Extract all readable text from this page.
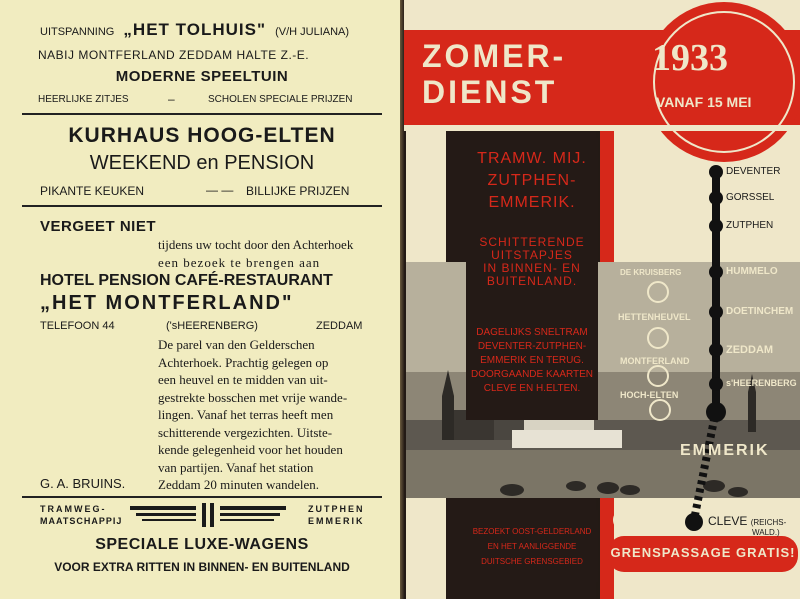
UITSPANNING „HET TOLHUIS" (V/H JULIANA)
NABIJ MONTFERLAND ZEDDAM HALTE Z.-E.
MODERNE SPEELTUIN
HEERLIJKE ZITJES	–	SCHOLEN SPECIALE PRIJZEN
KURHAUS HOOG-ELTEN
WEEKEND en PENSION
PIKANTE KEUKEN	— —	BILLIJKE PRIJZEN
VERGEET NIET
tijdens uw tocht door den Achterhoek
een bezoek te brengen aan
HOTEL PENSION CAFÉ-RESTAURANT
„HET MONTFERLAND"
TELEFOON 44	('sHEERENBERG)	ZEDDAM
De parel van den Gelderschen
Achterhoek. Prachtig gelegen op
een heuvel en te midden van uit-
gestrekte bosschen met vrije wande-
lingen. Vanaf het terras heeft men
schitterende vergezichten. Uitste-
kende gelegenheid voor het houden
van partijen. Vanaf het station
Zeddam 20 minuten wandelen.
G. A. BRUINS.
TRAMWEG-
MAATSCHAPPIJ
ZUTPHEN
EMMERIK
SPECIALE LUXE-WAGENS
VOOR EXTRA RITTEN IN BINNEN- EN BUITENLAND
ZOMER-
DIENST
1933
VANAF 15 MEI
TRAMW. MIJ.
ZUTPHEN-
EMMERIK.
SCHITTERENDE
UITSTAPJES
IN BINNEN- EN
BUITENLAND.
DAGELIJKS SNELTRAM
DEVENTER-ZUTPHEN-
EMMERIK EN TERUG.
DOORGAANDE KAARTEN
CLEVE EN H.ELTEN.
DE KRUISBERG
HETTENHEUVEL
MONTFERLAND
HOCH-ELTEN
DEVENTER
GORSSEL
ZUTPHEN
HUMMELO
DOETINCHEM
ZEDDAM
s'HEERENBERG
EMMERIK
CLEVE (REICHS-
WALD.)
BEZOEKT OOST-GELDERLAND
EN HET AANLIGGENDE
DUITSCHE GRENSGEBIED
GRENSPASSAGE GRATIS!
